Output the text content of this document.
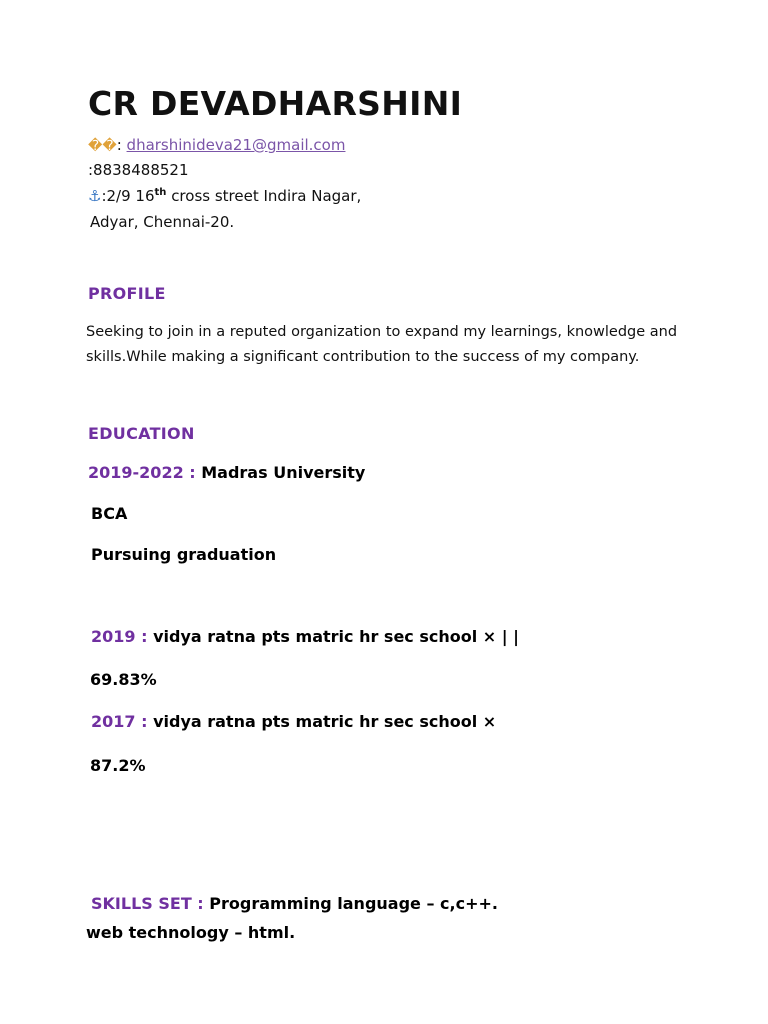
CR DEVADHARSHINI
��: dharshinideva21@gmail.com
:8838488521
⚓:2/9 16th cross street Indira Nagar,
Adyar, Chennai-20.
PROFILE

Seeking to join in a reputed organization to expand my learnings, knowledge and skills.While making a significant contribution to the success of my company.

EDUCATION
2019-2022 : Madras University
BCA
Pursuing graduation
2019 : vidya ratna pts matric hr sec school × | |
69.83%
2017 : vidya ratna pts matric hr sec school ×
87.2%
SKILLS SET : Programming language – c,c++.
web technology – html.
